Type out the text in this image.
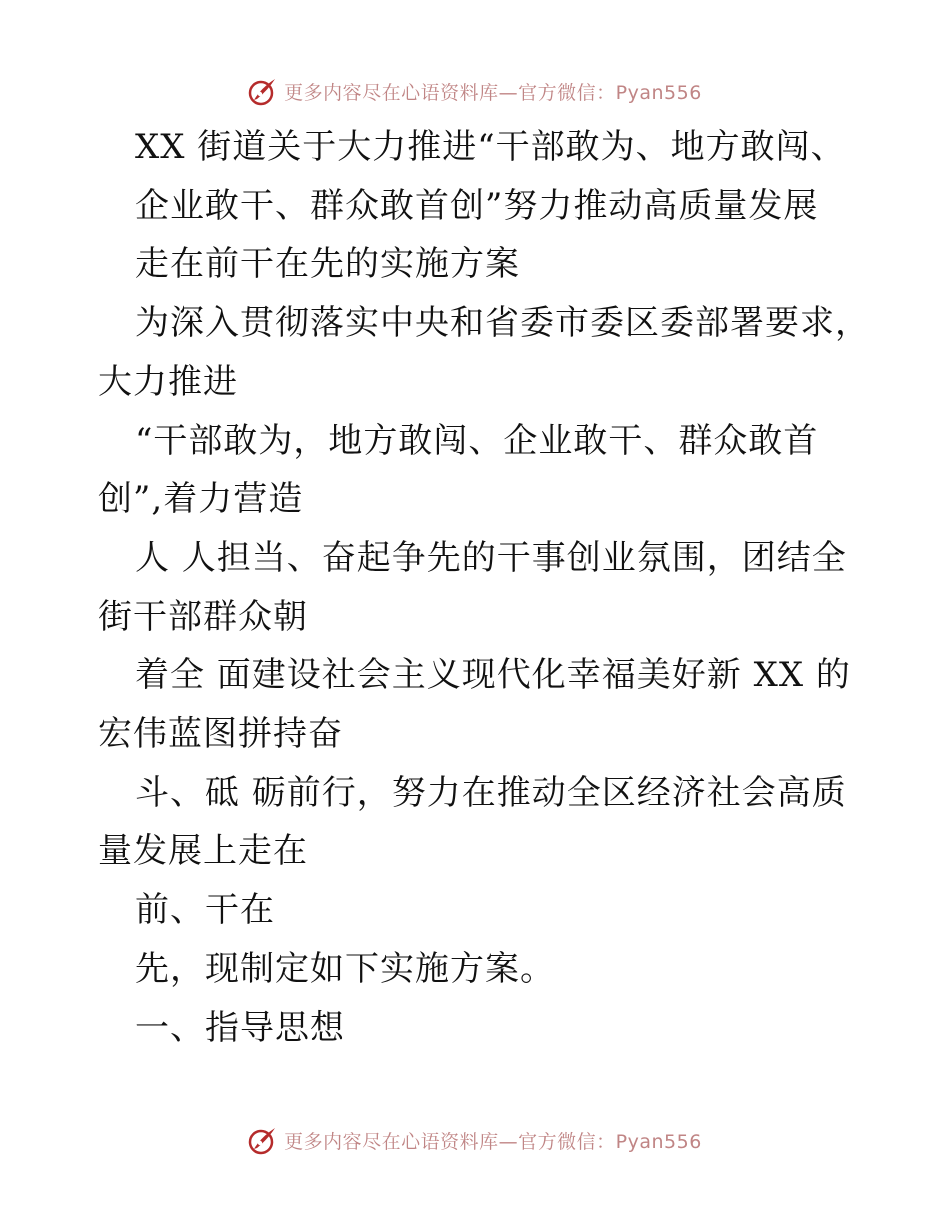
更多内容尽在心语资料库—官方微信：Pyan556
XX 街道关于大力推进“干部敢为、地方敢闯、
企业敢干、群众敢首创”努力推动高质量发展
走在前干在先的实施方案
为深入贯彻落实中央和省委市委区委部署要求，
大力推进
“干部敢为，地方敢闯、企业敢干、群众敢首
创”,着力营造
人 人担当、奋起争先的干事创业氛围，团结全
街干部群众朝
着全 面建设社会主义现代化幸福美好新 XX 的
宏伟蓝图拼持奋
斗、砥 砺前行，努力在推动全区经济社会高质
量发展上走在
前、干在
先，现制定如下实施方案。
一、指导思想
更多内容尽在心语资料库—官方微信：Pyan556
